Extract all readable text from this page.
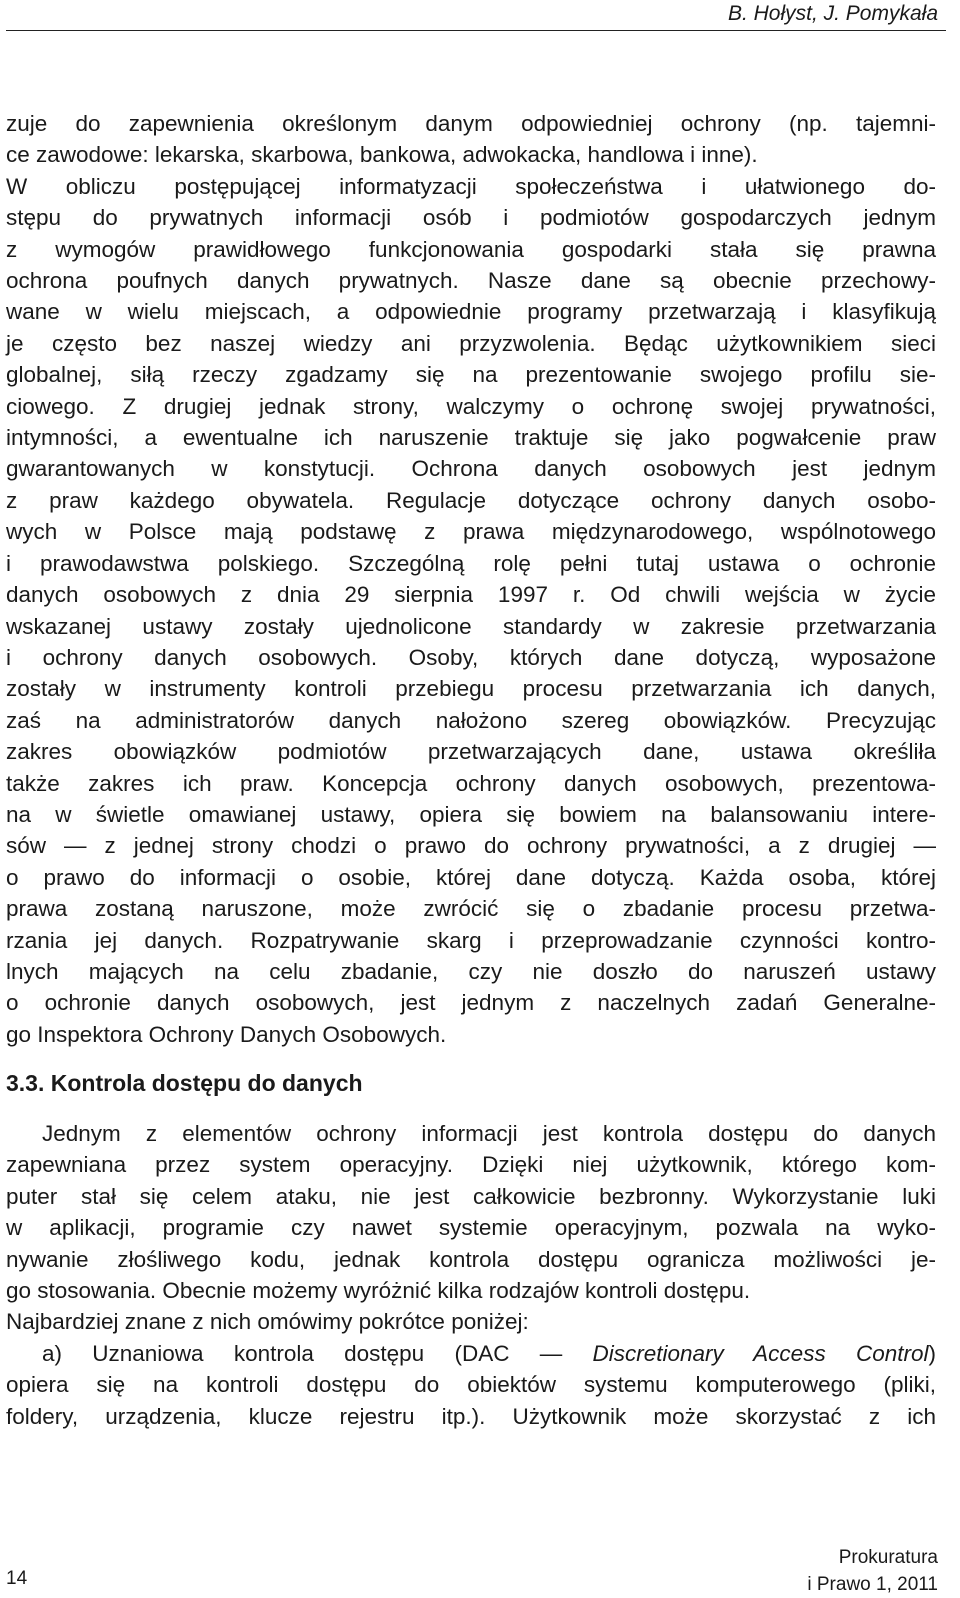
B. Hołyst, J. Pomykała
zuje do zapewnienia określonym danym odpowiedniej ochrony (np. tajemni-
ce zawodowe: lekarska, skarbowa, bankowa, adwokacka, handlowa i inne).
W obliczu postępującej informatyzacji społeczeństwa i ułatwionego do-
stępu do prywatnych informacji osób i podmiotów gospodarczych jednym
z wymogów prawidłowego funkcjonowania gospodarki stała się prawna
ochrona poufnych danych prywatnych. Nasze dane są obecnie przechowy-
wane w wielu miejscach, a odpowiednie programy przetwarzają i klasyfikują
je często bez naszej wiedzy ani przyzwolenia. Będąc użytkownikiem sieci
globalnej, siłą rzeczy zgadzamy się na prezentowanie swojego profilu sie-
ciowego. Z drugiej jednak strony, walczymy o ochronę swojej prywatności,
intymności, a ewentualne ich naruszenie traktuje się jako pogwałcenie praw
gwarantowanych w konstytucji. Ochrona danych osobowych jest jednym
z praw każdego obywatela. Regulacje dotyczące ochrony danych osobo-
wych w Polsce mają podstawę z prawa międzynarodowego, wspólnotowego
i prawodawstwa polskiego. Szczególną rolę pełni tutaj ustawa o ochronie
danych osobowych z dnia 29 sierpnia 1997 r. Od chwili wejścia w życie
wskazanej ustawy zostały ujednolicone standardy w zakresie przetwarzania
i ochrony danych osobowych. Osoby, których dane dotyczą, wyposażone
zostały w instrumenty kontroli przebiegu procesu przetwarzania ich danych,
zaś na administratorów danych nałożono szereg obowiązków. Precyzując
zakres obowiązków podmiotów przetwarzających dane, ustawa określiła
także zakres ich praw. Koncepcja ochrony danych osobowych, prezentowa-
na w świetle omawianej ustawy, opiera się bowiem na balansowaniu intere-
sów — z jednej strony chodzi o prawo do ochrony prywatności, a z drugiej —
o prawo do informacji o osobie, której dane dotyczą. Każda osoba, której
prawa zostaną naruszone, może zwrócić się o zbadanie procesu przetwa-
rzania jej danych. Rozpatrywanie skarg i przeprowadzanie czynności kontro-
lnych mających na celu zbadanie, czy nie doszło do naruszeń ustawy
o ochronie danych osobowych, jest jednym z naczelnych zadań Generalne-
go Inspektora Ochrony Danych Osobowych.
3.3. Kontrola dostępu do danych
Jednym z elementów ochrony informacji jest kontrola dostępu do danych
zapewniana przez system operacyjny. Dzięki niej użytkownik, którego kom-
puter stał się celem ataku, nie jest całkowicie bezbronny. Wykorzystanie luki
w aplikacji, programie czy nawet systemie operacyjnym, pozwala na wyko-
nywanie złośliwego kodu, jednak kontrola dostępu ogranicza możliwości je-
go stosowania. Obecnie możemy wyróżnić kilka rodzajów kontroli dostępu.
Najbardziej znane z nich omówimy pokrótce poniżej:
a) Uznaniowa kontrola dostępu (DAC — Discretionary Access Control)
opiera się na kontroli dostępu do obiektów systemu komputerowego (pliki,
foldery, urządzenia, klucze rejestru itp.). Użytkownik może skorzystać z ich
14
Prokuratura
i Prawo 1, 2011
